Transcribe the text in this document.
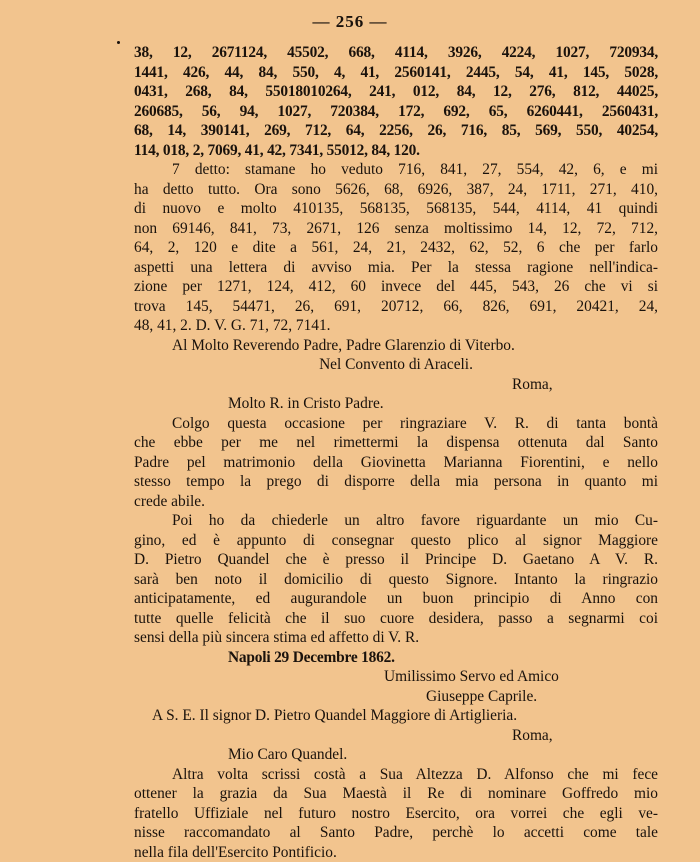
— 256 —
38, 12, 2671124, 45502, 668, 4114, 3926, 4224, 1027, 720934,
1441, 426, 44, 84, 550, 4, 41, 2560141, 2445, 54, 41, 145, 5028,
0431, 268, 84, 55018010264, 241, 012, 84, 12, 276, 812, 44025,
260685, 56, 94, 1027, 720384, 172, 692, 65, 6260441, 2560431,
68, 14, 390141, 269, 712, 64, 2256, 26, 716, 85, 569, 550, 40254,
114, 018, 2, 7069, 41, 42, 7341, 55012, 84, 120.
7 detto: stamane ho veduto 716, 841, 27, 554, 42, 6, e mi
ha detto tutto. Ora sono 5626, 68, 6926, 387, 24, 1711, 271, 410,
di nuovo e molto 410135, 568135, 568135, 544, 4114, 41 quindi
non 69146, 841, 73, 2671, 126 senza moltissimo 14, 12, 72, 712,
64, 2, 120 e dite a 561, 24, 21, 2432, 62, 52, 6 che per farlo
aspetti una lettera di avviso mia. Per la stessa ragione nell'indica-
zione per 1271, 124, 412, 60 invece del 445, 543, 26 che vi si
trova 145, 54471, 26, 691, 20712, 66, 826, 691, 20421, 24,
48, 41, 2. D. V. G. 71, 72, 7141.
Al Molto Reverendo Padre, Padre Glarenzio di Viterbo.
Nel Convento di Araceli.
Roma,
Molto R. in Cristo Padre.
Colgo questa occasione per ringraziare V. R. di tanta bontà
che ebbe per me nel rimettermi la dispensa ottenuta dal Santo
Padre pel matrimonio della Giovinetta Marianna Fiorentini, e nello
stesso tempo la prego di disporre della mia persona in quanto mi
crede abile.
Poi ho da chiederle un altro favore riguardante un mio Cu-
gino, ed è appunto di consegnar questo plico al signor Maggiore
D. Pietro Quandel che è presso il Principe D. Gaetano A V. R.
sarà ben noto il domicilio di questo Signore. Intanto la ringrazio
anticipatamente, ed augurandole un buon principio di Anno con
tutte quelle felicità che il suo cuore desidera, passo a segnarmi coi
sensi della più sincera stima ed affetto di V. R.
Napoli 29 Decembre 1862.
Umilissimo Servo ed Amico
Giuseppe Caprile.
A S. E. Il signor D. Pietro Quandel Maggiore di Artiglieria.
Roma,
Mio Caro Quandel.
Altra volta scrissi costà a Sua Altezza D. Alfonso che mi fece
ottener la grazia da Sua Maestà il Re di nominare Goffredo mio
fratello Uffiziale nel futuro nostro Esercito, ora vorrei che egli ve-
nisse raccomandato al Santo Padre, perchè lo accetti come tale
nella fila dell'Esercito Pontificio.
